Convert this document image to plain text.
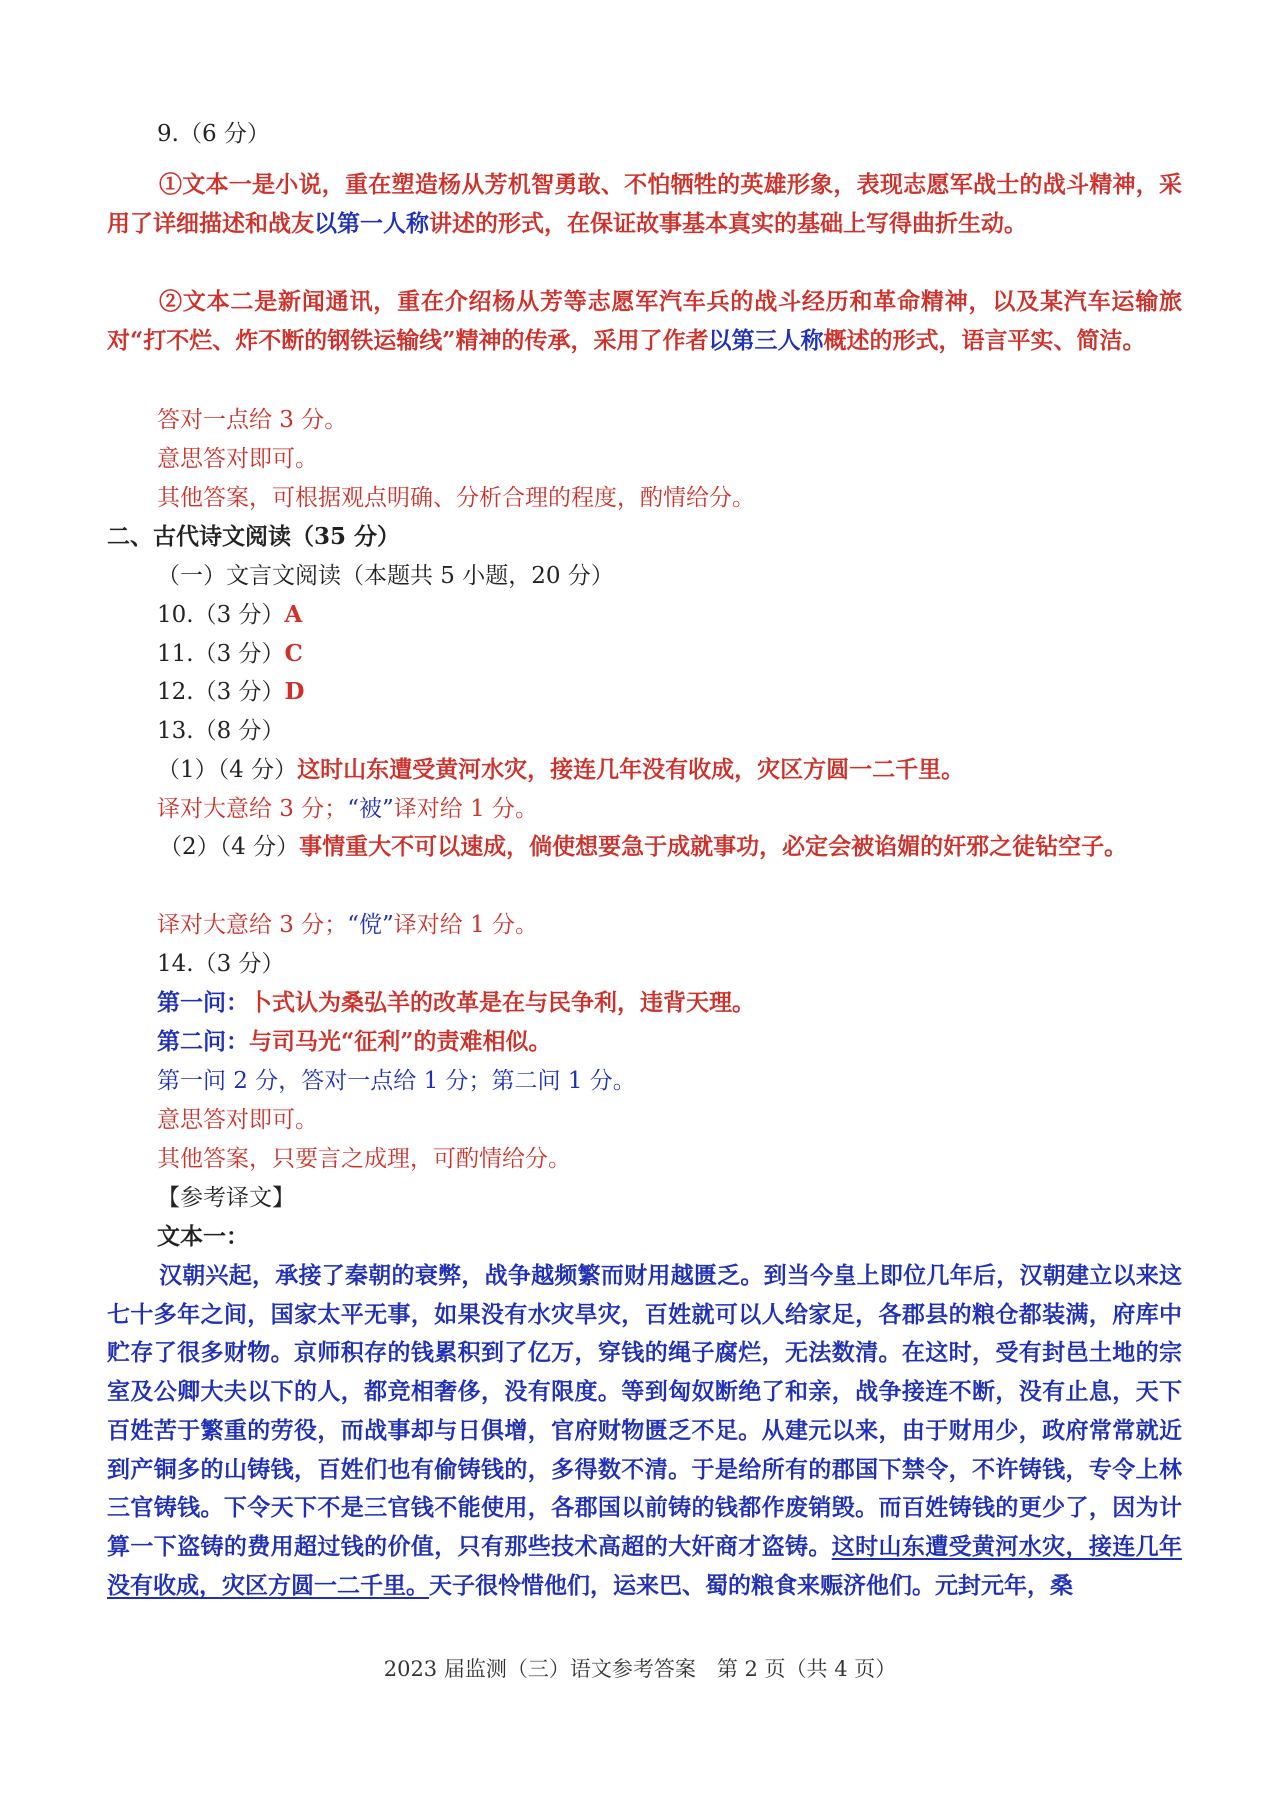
9.（6 分）
①文本一是小说，重在塑造杨从芳机智勇敢、不怕牺牲的英雄形象，表现志愿军战士的战斗精神，采用了详细描述和战友以第一人称讲述的形式，在保证故事基本真实的基础上写得曲折生动。
②文本二是新闻通讯，重在介绍杨从芳等志愿军汽车兵的战斗经历和革命精神，以及某汽车运输旅对“打不烂、炸不断的钢铁运输线”精神的传承，采用了作者以第三人称概述的形式，语言平实、简洁。
答对一点给 3 分。
意思答对即可。
其他答案，可根据观点明确、分析合理的程度，酌情给分。
二、古代诗文阅读（35 分）
（一）文言文阅读（本题共 5 小题，20 分）
10.（3 分）A
11.（3 分）C
12.（3 分）D
13.（8 分）
（1）（4 分）这时山东遭受黄河水灾，接连几年没有收成，灾区方圆一二千里。
译对大意给 3 分；“被”译对给 1 分。
（2）（4 分）事情重大不可以速成，倘使想要急于成就事功，必定会被谄媚的奸邪之徒钻空子。
译对大意给 3 分；“傥”译对给 1 分。
14.（3 分）
第一问：卜式认为桑弘羊的改革是在与民争利，违背天理。
第二问：与司马光“征利”的责难相似。
第一问 2 分，答对一点给 1 分；第二问 1 分。
意思答对即可。
其他答案，只要言之成理，可酌情给分。
【参考译文】
文本一：
汉朝兴起，承接了秦朝的衰弊，战争越频繁而财用越匮乏。到当今皇上即位几年后，汉朝建立以来这七十多年之间，国家太平无事，如果没有水灾旱灾，百姓就可以人给家足，各郡县的粮仓都装满，府库中贮存了很多财物。京师积存的钱累积到了亿万，穿钱的绳子腐烂，无法数清。在这时，受有封邑土地的宗室及公卿大夫以下的人，都竞相奢侈，没有限度。等到匈奴断绝了和亲，战争接连不断，没有止息，天下百姓苦于繁重的劳役，而战事却与日俱增，官府财物匮乏不足。从建元以来，由于财用少，政府常常就近到产铜多的山铸钱，百姓们也有偷铸钱的，多得数不清。于是给所有的郡国下禁令，不许铸钱，专令上林三官铸钱。下令天下不是三官钱不能使用，各郡国以前铸的钱都作废销毁。而百姓铸钱的更少了，因为计算一下盗铸的费用超过钱的价值，只有那些技术高超的大奸商才盗铸。这时山东遭受黄河水灾，接连几年没有收成，灾区方圆一二千里。天子很怜惜他们，运来巴、蜀的粮食来赈济他们。元封元年，桑
2023 届监测（三）语文参考答案　第 2 页（共 4 页）
